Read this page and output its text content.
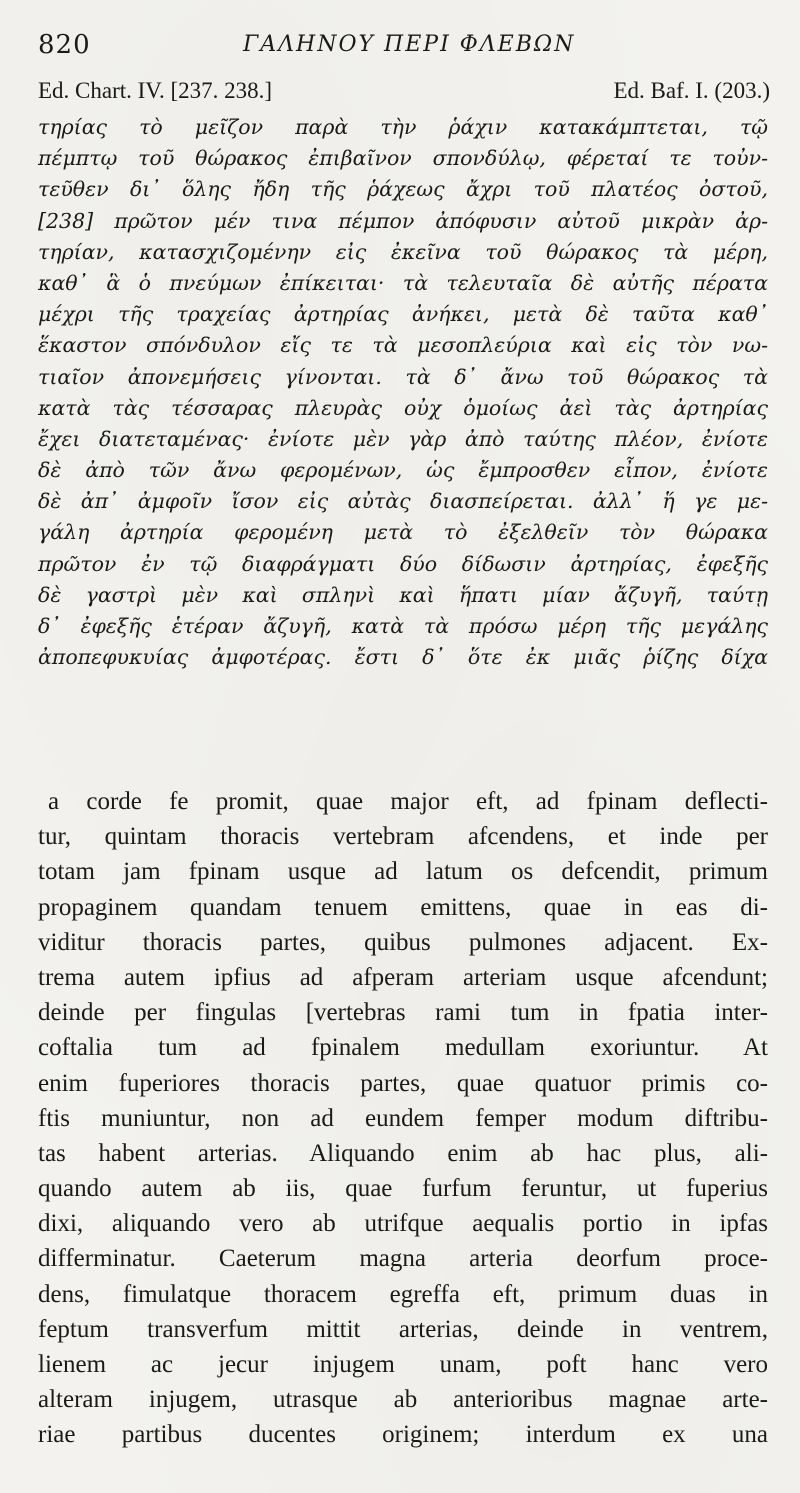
820	ΓΑΛΗΝΟΥ ΠΕΡΙ ΦΛΕΒΩΝ
Ed. Chart. IV. [237. 238.]	Ed. Baf. I. (203.)
τηρίας τὸ μεῖζον παρὰ τὴν ῥάχιν κατακάμπτεται, τῷ
πέμπτῳ τοῦ θώρακος ἐπιβαῖνον σπονδύλῳ, φέρεταί τε τοὐν-
τεῦθεν δι᾽ ὅλης ἤδη τῆς ῥάχεως ἄχρι τοῦ πλατέος ὀστοῦ,
[238] πρῶτον μέν τινα πέμπον ἀπόφυσιν αὐτοῦ μικρὰν ἀρ-
τηρίαν, κατασχιζομένην εἰς ἐκεῖνα τοῦ θώρακος τὰ μέρη,
καθ᾽ ἃ ὁ πνεύμων ἐπίκειται· τὰ τελευταῖα δὲ αὐτῆς πέρατα
μέχρι τῆς τραχείας ἀρτηρίας ἀνήκει, μετὰ δὲ ταῦτα καθ᾽
ἕκαστον σπόνδυλον εἴς τε τὰ μεσοπλεύρια καὶ εἰς τὸν νω-
τιαῖον ἀπονεμήσεις γίνονται. τὰ δ᾽ ἄνω τοῦ θώρακος τὰ
κατὰ τὰς τέσσαρας πλευρὰς οὐχ ὁμοίως ἀεὶ τὰς ἀρτηρίας
ἔχει διατεταμένας· ἐνίοτε μὲν γὰρ ἀπὸ ταύτης πλέον, ἐνίοτε
δὲ ἀπὸ τῶν ἄνω φερομένων, ὡς ἔμπροσθεν εἶπον, ἐνίοτε
δὲ ἀπ᾽ ἀμφοῖν ἴσον εἰς αὐτὰς διασπείρεται. ἀλλ᾽ ἥ γε με-
γάλη ἀρτηρία φερομένη μετὰ τὸ ἐξελθεῖν τὸν θώρακα
πρῶτον ἐν τῷ διαφράγματι δύο δίδωσιν ἀρτηρίας, ἐφεξῆς
δὲ γαστρὶ μὲν καὶ σπληνὶ καὶ ἥπατι μίαν ἄζυγῆ, ταύτῃ
δ᾽ ἐφεξῆς ἑτέραν ἄζυγῆ, κατὰ τὰ πρόσω μέρη τῆς μεγάλης
ἀποπεφυκυίας ἀμφοτέρας. ἔστι δ᾽ ὅτε ἐκ μιᾶς ῥίζης δίχα
a corde fe promit, quae major eft, ad fpinam deflecti-
tur, quintam thoracis vertebram afcendens, et inde per
totam jam fpinam usque ad latum os defcendit, primum
propaginem quandam tenuem emittens, quae in eas di-
viditur thoracis partes, quibus pulmones adjacent. Ex-
trema autem ipfius ad afperam arteriam usque afcendunt;
deinde per fingulas [vertebras rami tum in fpatia inter-
coftalia tum ad fpinalem medullam exoriuntur. At
enim fuperiores thoracis partes, quae quatuor primis co-
ftis muniuntur, non ad eundem femper modum diftribu-
tas habent arterias. Aliquando enim ab hac plus, ali-
quando autem ab iis, quae furfum feruntur, ut fuperius
dixi, aliquando vero ab utrifque aequalis portio in ipfas
differminatur. Caeterum magna arteria deorfum proce-
dens, fimulatque thoracem egreffa eft, primum duas in
feptum transverfum mittit arterias, deinde in ventrem,
lienem ac jecur injugem unam, poft hanc vero
alteram injugem, utrasque ab anterioribus magnae arte-
riae partibus ducentes originem; interdum ex una
